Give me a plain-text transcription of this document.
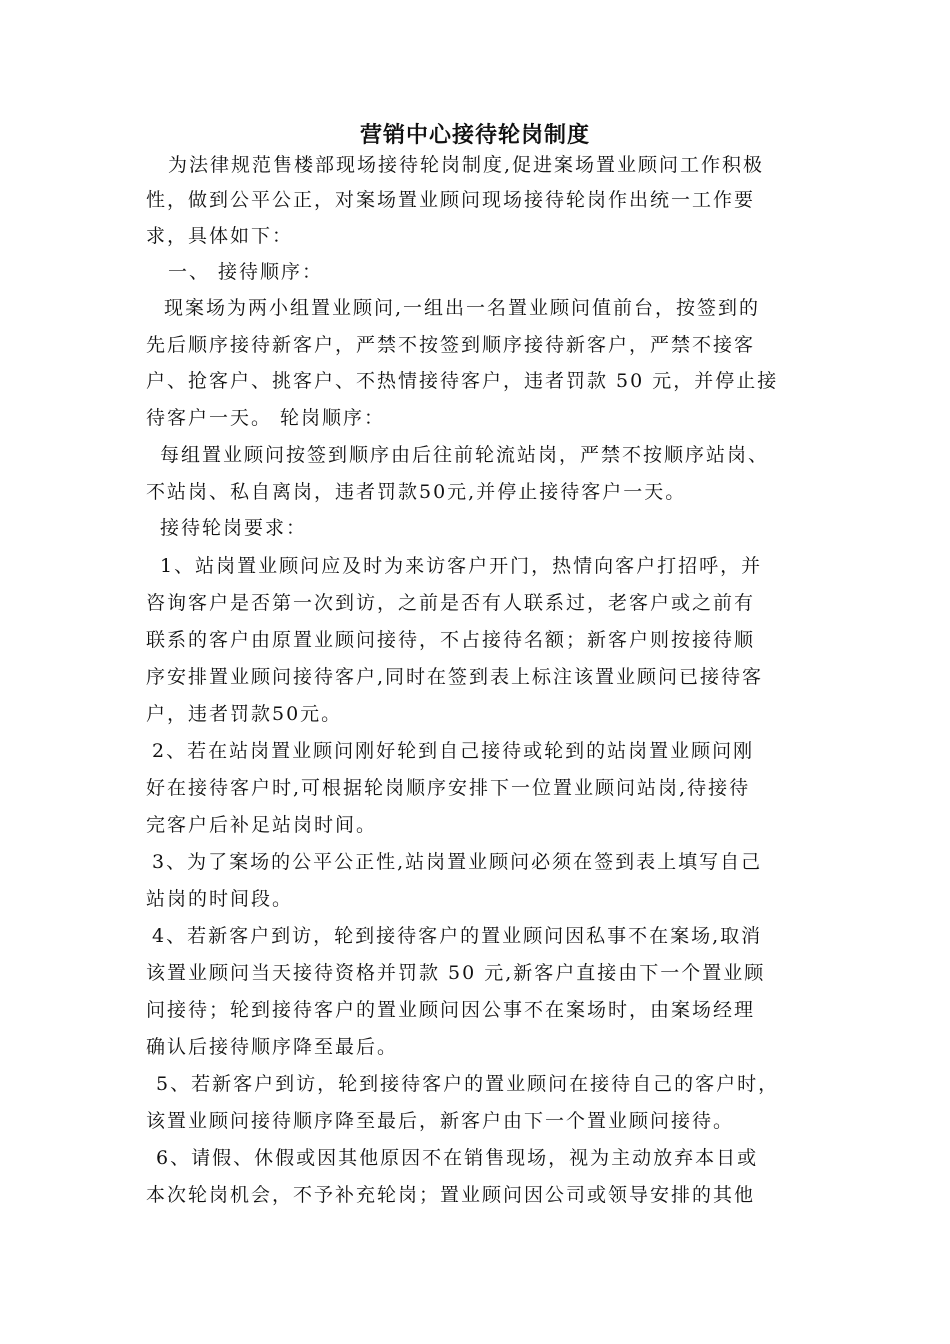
营销中心接待轮岗制度
为法律规范售楼部现场接待轮岗制度,促进案场置业顾问工作积极
性，做到公平公正，对案场置业顾问现场接待轮岗作出统一工作要
求，具体如下：
一、 接待顺序：
现案场为两小组置业顾问,一组出一名置业顾问值前台，按签到的
先后顺序接待新客户，严禁不按签到顺序接待新客户，严禁不接客
户、抢客户、挑客户、不热情接待客户，违者罚款 50 元，并停止接
待客户一天。 轮岗顺序：
每组置业顾问按签到顺序由后往前轮流站岗，严禁不按顺序站岗、
不站岗、私自离岗，违者罚款50元,并停止接待客户一天。
接待轮岗要求：
1、站岗置业顾问应及时为来访客户开门，热情向客户打招呼，并
咨询客户是否第一次到访，之前是否有人联系过，老客户或之前有
联系的客户由原置业顾问接待，不占接待名额；新客户则按接待顺
序安排置业顾问接待客户,同时在签到表上标注该置业顾问已接待客
户，违者罚款50元。
2、若在站岗置业顾问刚好轮到自己接待或轮到的站岗置业顾问刚
好在接待客户时,可根据轮岗顺序安排下一位置业顾问站岗,待接待
完客户后补足站岗时间。
3、为了案场的公平公正性,站岗置业顾问必须在签到表上填写自己
站岗的时间段。
4、若新客户到访，轮到接待客户的置业顾问因私事不在案场,取消
该置业顾问当天接待资格并罚款 50 元,新客户直接由下一个置业顾
问接待；轮到接待客户的置业顾问因公事不在案场时，由案场经理
确认后接待顺序降至最后。
5、若新客户到访，轮到接待客户的置业顾问在接待自己的客户时，
该置业顾问接待顺序降至最后，新客户由下一个置业顾问接待。
6、请假、休假或因其他原因不在销售现场，视为主动放弃本日或
本次轮岗机会，不予补充轮岗；置业顾问因公司或领导安排的其他
